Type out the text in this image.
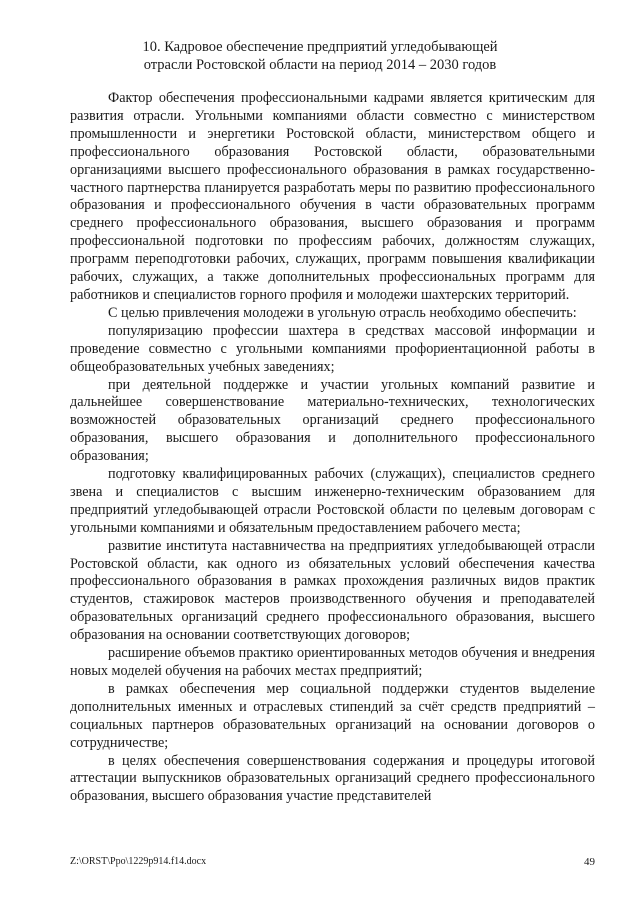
10. Кадровое обеспечение предприятий угледобывающей
отрасли Ростовской области на период 2014 – 2030 годов

Фактор обеспечения профессиональными кадрами является критическим для развития отрасли. Угольными компаниями области совместно с министерством промышленности и энергетики Ростовской области, министерством общего и профессионального образования Ростовской области, образовательными организациями высшего профессионального образования в рамках государственно-частного партнерства планируется разработать меры по развитию профессионального образования и профессионального обучения в части образовательных программ среднего профессионального образования, высшего образования и программ профессиональной подготовки по профессиям рабочих, должностям служащих, программ переподготовки рабочих, служащих, программ повышения квалификации рабочих, служащих, а также дополнительных профессиональных программ для работников и специалистов горного профиля и молодежи шахтерских территорий.

С целью привлечения молодежи в угольную отрасль необходимо обеспечить:

популяризацию профессии шахтера в средствах массовой информации и проведение совместно с угольными компаниями профориентационной работы в общеобразовательных учебных заведениях;

при деятельной поддержке и участии угольных компаний развитие и дальнейшее совершенствование материально-технических, технологических возможностей образовательных организаций среднего профессионального образования, высшего образования и дополнительного профессионального образования;

подготовку квалифицированных рабочих (служащих), специалистов среднего звена и специалистов с высшим инженерно-техническим образованием для предприятий угледобывающей отрасли Ростовской области по целевым договорам с угольными компаниями и обязательным предоставлением рабочего места;

развитие института наставничества на предприятиях угледобывающей отрасли Ростовской области, как одного из обязательных условий обеспечения качества профессионального образования в рамках прохождения различных видов практик студентов, стажировок мастеров производственного обучения и преподавателей образовательных организаций среднего профессионального образования, высшего образования на основании соответствующих договоров;

расширение объемов практико ориентированных методов обучения и внедрения новых моделей обучения на рабочих местах предприятий;

в рамках обеспечения мер социальной поддержки студентов выделение дополнительных именных и отраслевых стипендий за счёт средств предприятий – социальных партнеров образовательных организаций на основании договоров о сотрудничестве;

в целях обеспечения совершенствования содержания и процедуры итоговой аттестации выпускников образовательных организаций среднего профессионального образования, высшего образования участие представителей

Z:\ORST\Ppo\1229p914.f14.docx	49
